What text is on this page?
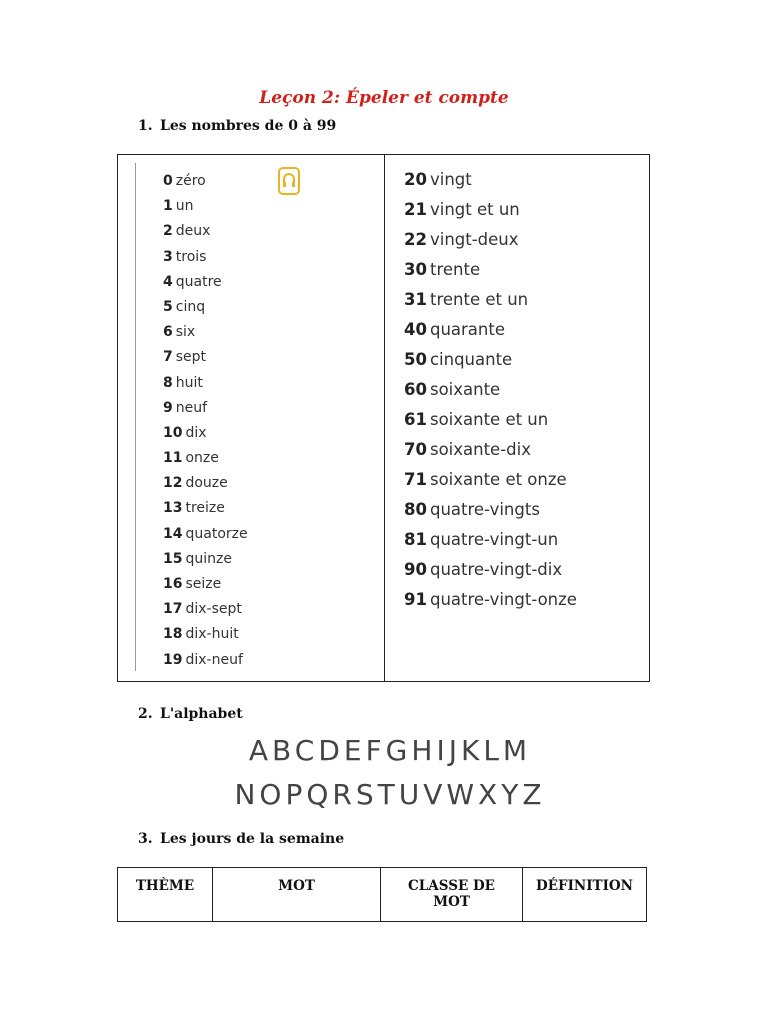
Leçon 2: Épeler et compte
1. Les nombres de 0 à 99
0 zéro
1 un
2 deux
3 trois
4 quatre
5 cinq
6 six
7 sept
8 huit
9 neuf
10 dix
11 onze
12 douze
13 treize
14 quatorze
15 quinze
16 seize
17 dix-sept
18 dix-huit
19 dix-neuf
20 vingt
21 vingt et un
22 vingt-deux
30 trente
31 trente et un
40 quarante
50 cinquante
60 soixante
61 soixante et un
70 soixante-dix
71 soixante et onze
80 quatre-vingts
81 quatre-vingt-un
90 quatre-vingt-dix
91 quatre-vingt-onze
2. L'alphabet
ABCDEFGHIJKLM
NOPQRSTUVWXYZ
3. Les jours de la semaine
THÈME	MOT	CLASSE DE MOT	DÉFINITION
